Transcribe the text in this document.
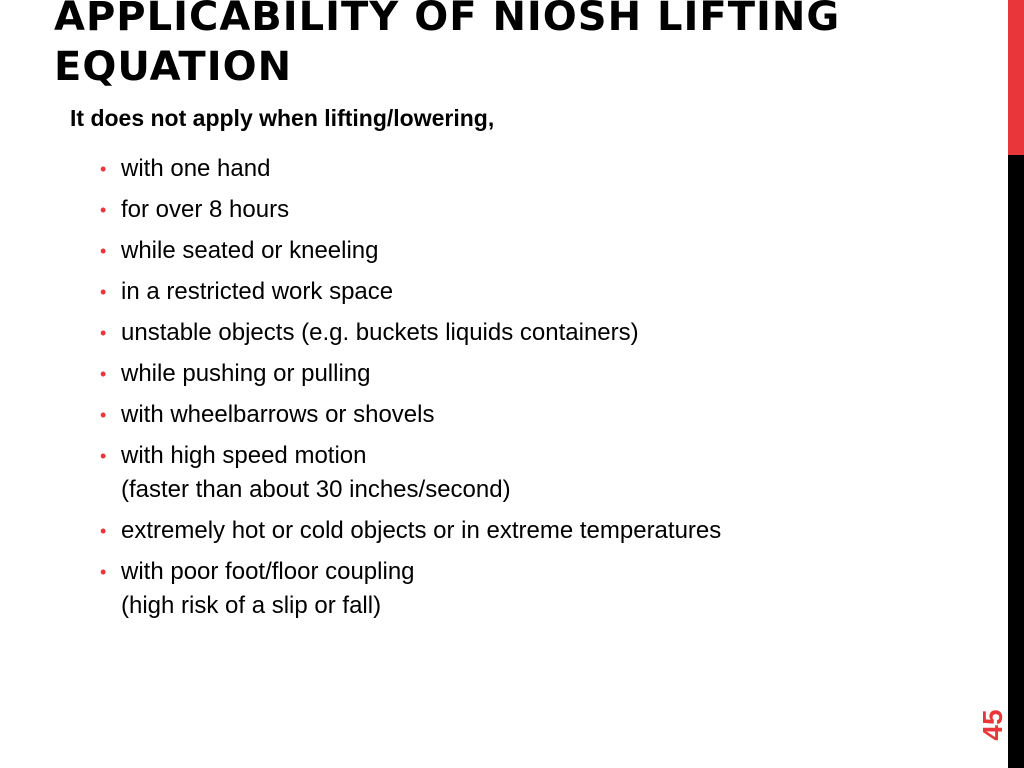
APPLICABILITY OF NIOSH LIFTING
EQUATION

It does not apply when lifting/lowering,

• with one hand
• for over 8 hours
• while seated or kneeling
• in a restricted work space
• unstable objects (e.g. buckets liquids containers)
• while pushing or pulling
• with wheelbarrows or shovels
• with high speed motion
(faster than about 30 inches/second)
• extremely hot or cold objects or in extreme temperatures
• with poor foot/floor coupling
(high risk of a slip or fall)
45
